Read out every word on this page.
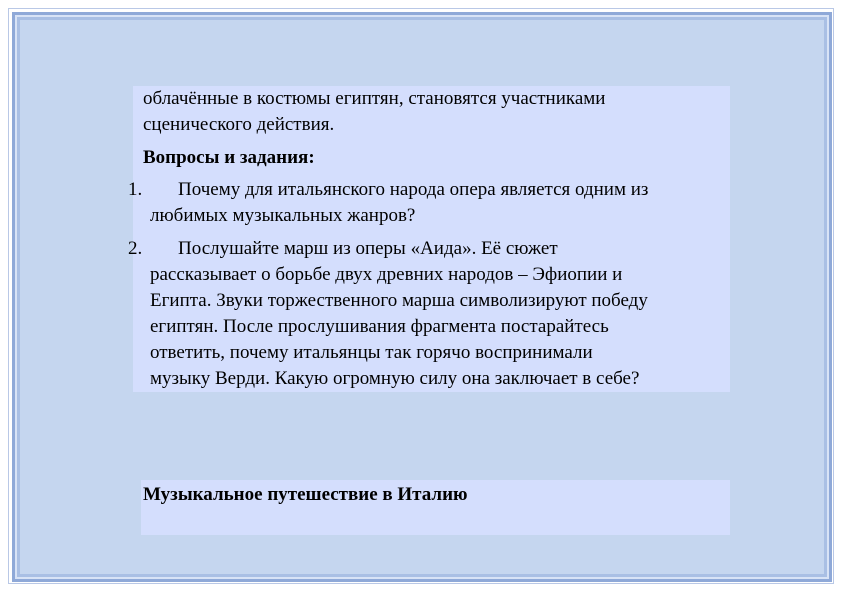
облачённые в костюмы египтян, становятся участниками
сценического действия.
Вопросы и задания:
1.	Почему для итальянского народа опера является одним из
любимых музыкальных жанров?
2.	Послушайте марш из оперы «Аида». Её сюжет
рассказывает о борьбе двух древних народов – Эфиопии и
Египта. Звуки торжественного марша символизируют победу
египтян. После прослушивания фрагмента постарайтесь
ответить, почему итальянцы так горячо воспринимали
музыку Верди. Какую огромную силу она заключает в себе?
Музыкальное путешествие в Италию
